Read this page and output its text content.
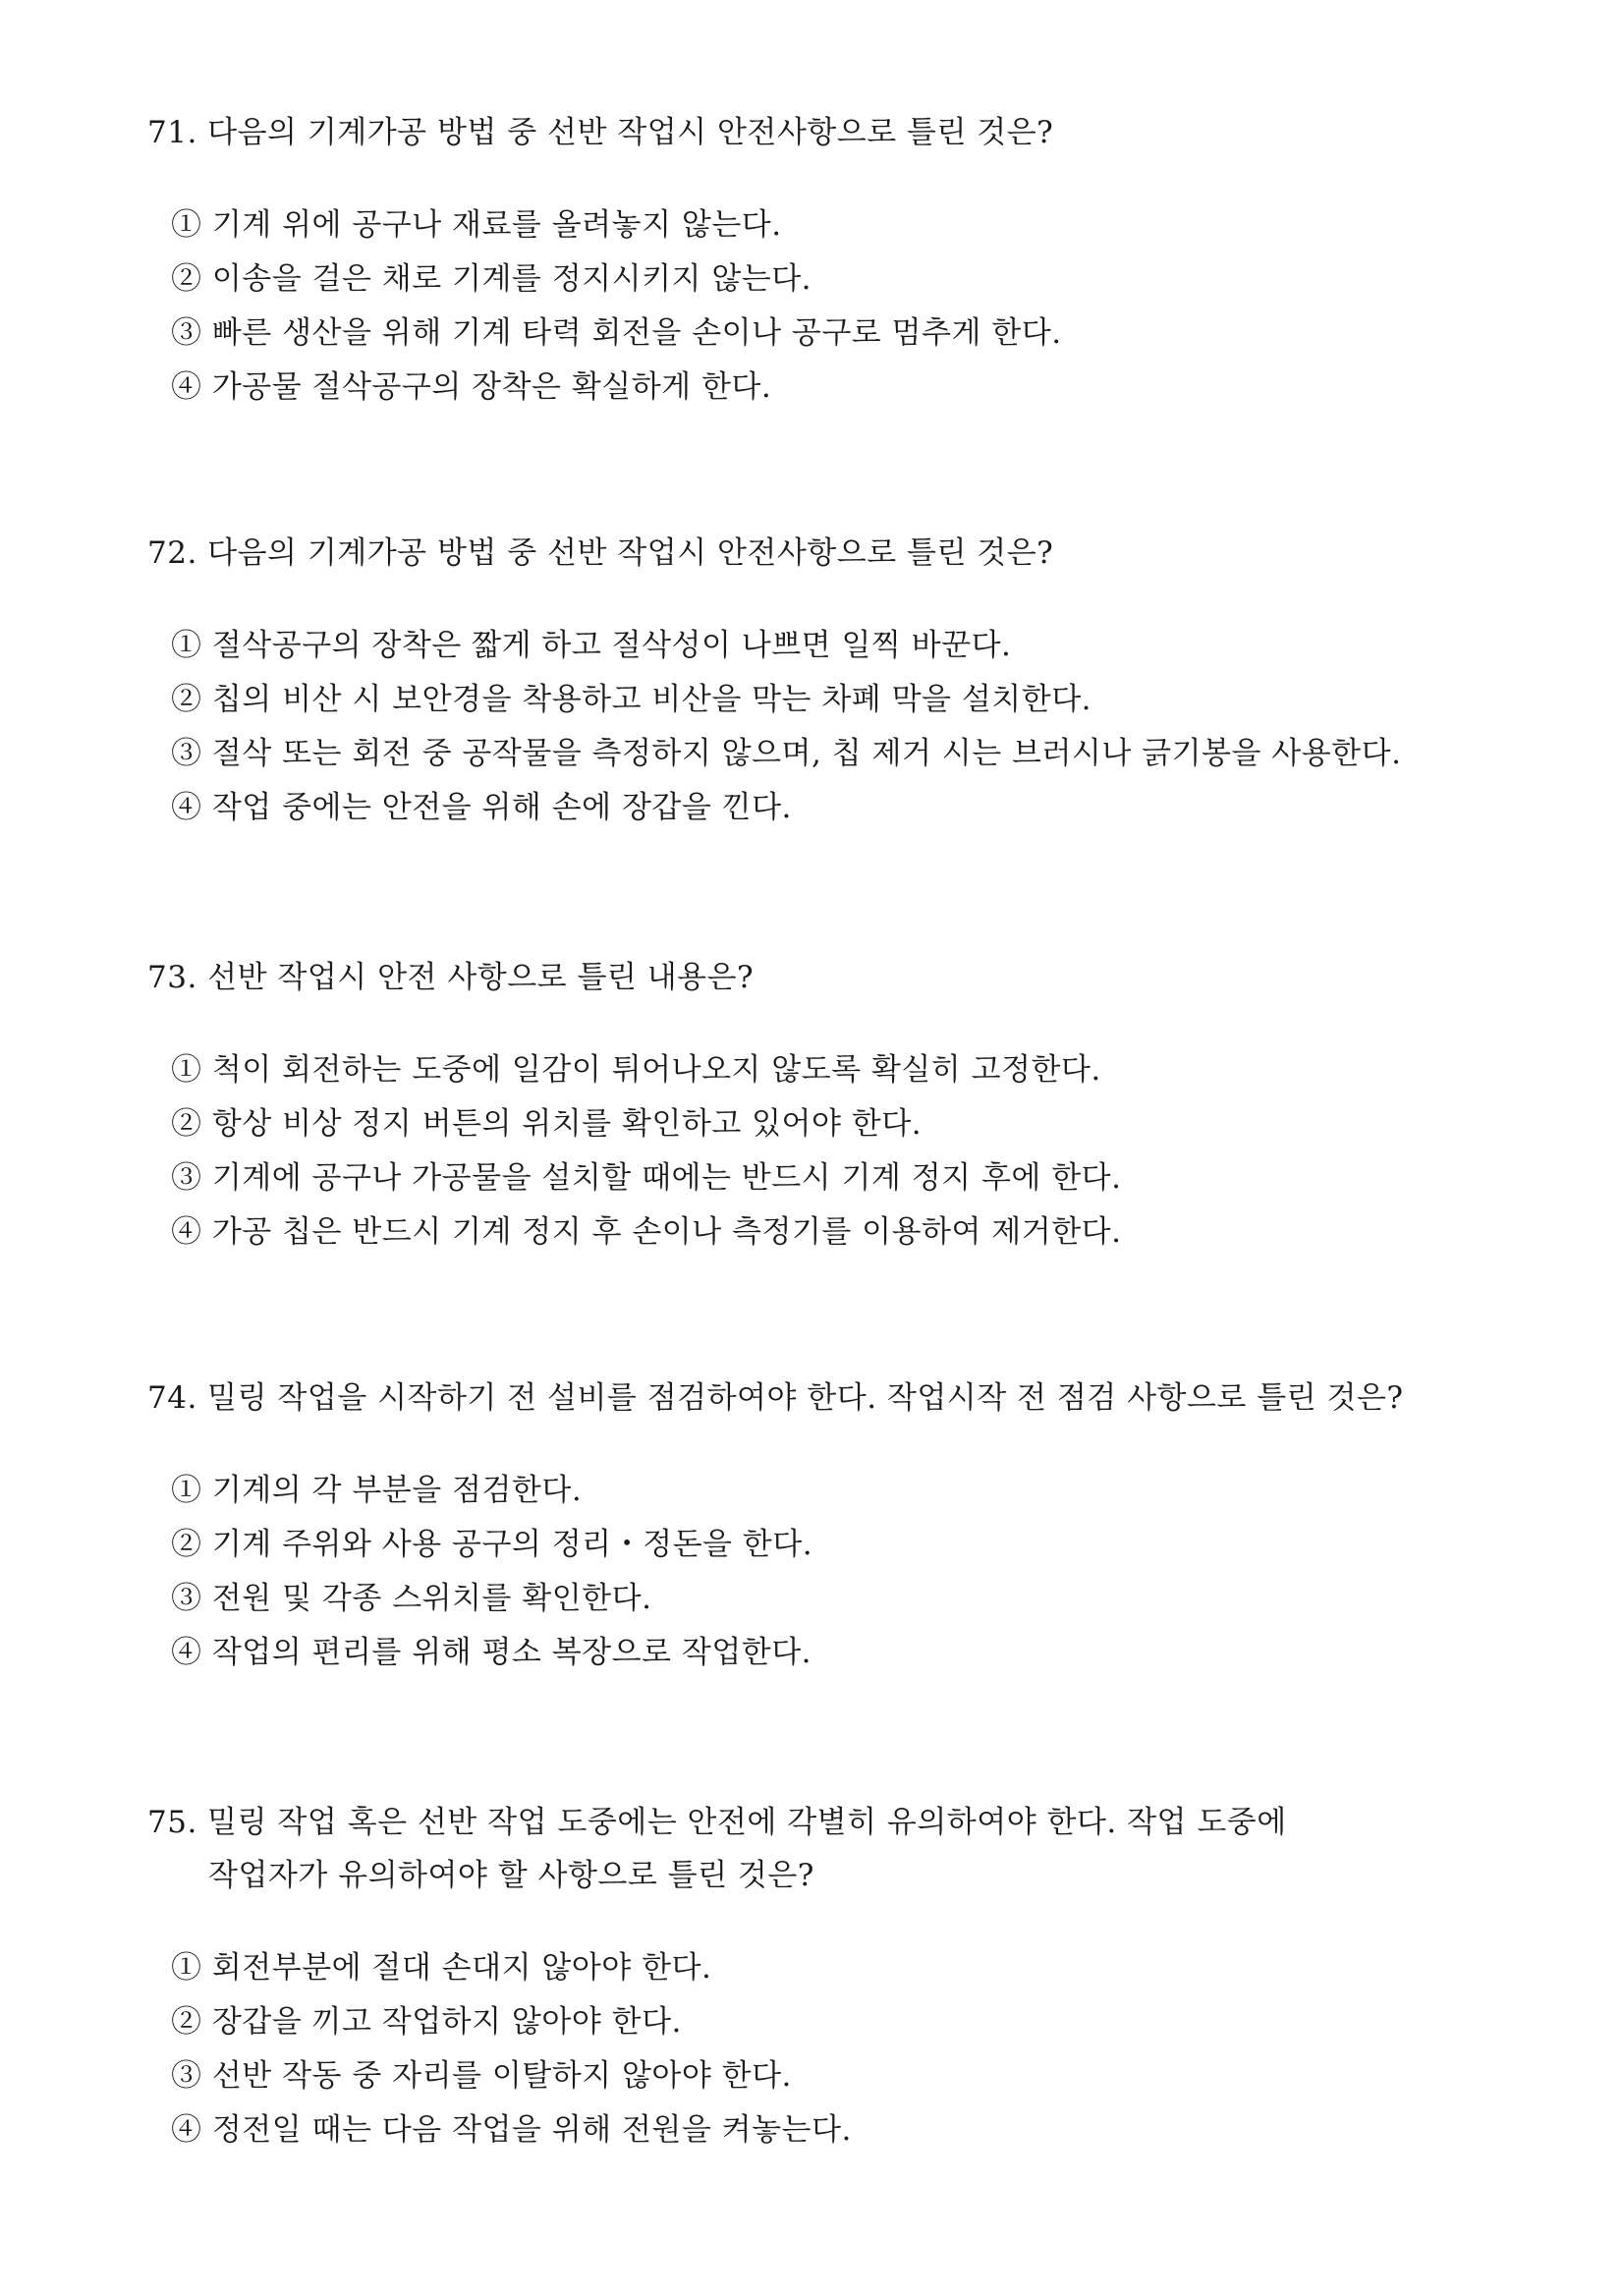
71. 다음의 기계가공 방법 중 선반 작업시 안전사항으로 틀린 것은?
① 기계 위에 공구나 재료를 올려놓지 않는다.
② 이송을 걸은 채로 기계를 정지시키지 않는다.
③ 빠른 생산을 위해 기계 타력 회전을 손이나 공구로 멈추게 한다.
④ 가공물 절삭공구의 장착은 확실하게 한다.
72. 다음의 기계가공 방법 중 선반 작업시 안전사항으로 틀린 것은?
① 절삭공구의 장착은 짧게 하고 절삭성이 나쁘면 일찍 바꾼다.
② 칩의 비산 시 보안경을 착용하고 비산을 막는 차폐 막을 설치한다.
③ 절삭 또는 회전 중 공작물을 측정하지 않으며, 칩 제거 시는 브러시나 긁기봉을 사용한다.
④ 작업 중에는 안전을 위해 손에 장갑을 낀다.
73. 선반 작업시 안전 사항으로 틀린 내용은?
① 척이 회전하는 도중에 일감이 튀어나오지 않도록 확실히 고정한다.
② 항상 비상 정지 버튼의 위치를 확인하고 있어야 한다.
③ 기계에 공구나 가공물을 설치할 때에는 반드시 기계 정지 후에 한다.
④ 가공 칩은 반드시 기계 정지 후 손이나 측정기를 이용하여 제거한다.
74. 밀링 작업을 시작하기 전 설비를 점검하여야 한다. 작업시작 전 점검 사항으로 틀린 것은?
① 기계의 각 부분을 점검한다.
② 기계 주위와 사용 공구의 정리・정돈을 한다.
③ 전원 및 각종 스위치를 확인한다.
④ 작업의 편리를 위해 평소 복장으로 작업한다.
75. 밀링 작업 혹은 선반 작업 도중에는 안전에 각별히 유의하여야 한다. 작업 도중에
작업자가 유의하여야 할 사항으로 틀린 것은?
① 회전부분에 절대 손대지 않아야 한다.
② 장갑을 끼고 작업하지 않아야 한다.
③ 선반 작동 중 자리를 이탈하지 않아야 한다.
④ 정전일 때는 다음 작업을 위해 전원을 켜놓는다.
